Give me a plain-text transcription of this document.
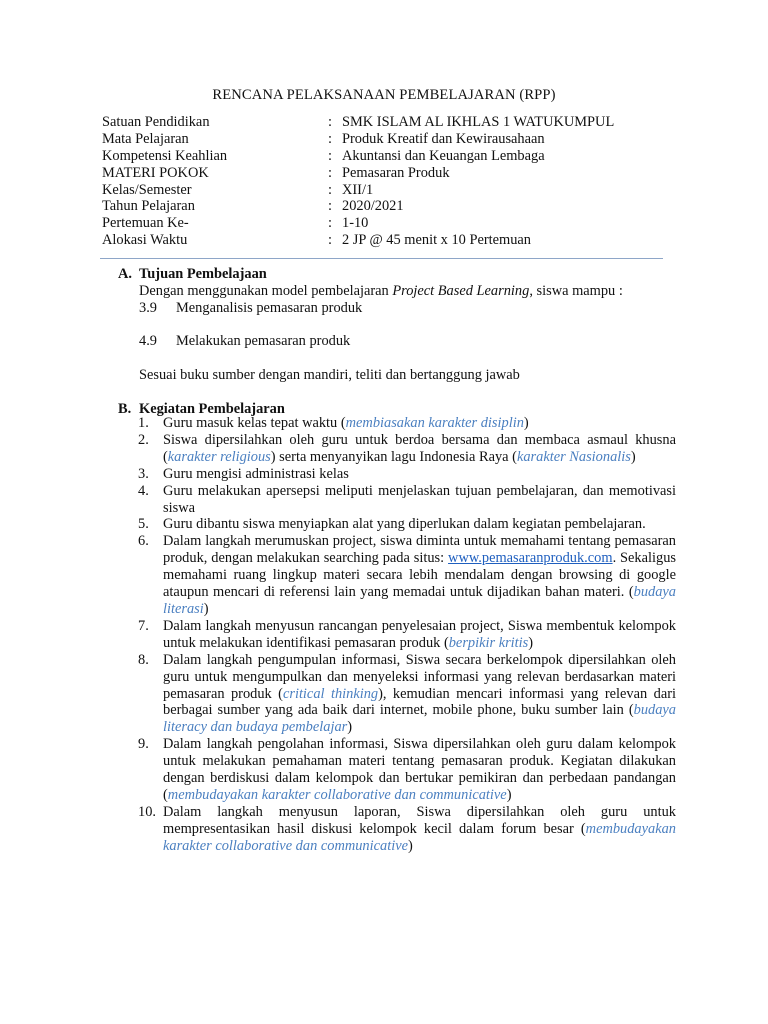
RENCANA PELAKSANAAN PEMBELAJARAN (RPP)
Satuan Pendidikan	: SMK ISLAM AL IKHLAS 1 WATUKUMPUL
Mata Pelajaran	: Produk Kreatif dan Kewirausahaan
Kompetensi Keahlian	: Akuntansi dan Keuangan Lembaga
MATERI POKOK	: Pemasaran Produk
Kelas/Semester	: XII/1
Tahun Pelajaran	: 2020/2021
Pertemuan Ke-	: 1-10
Alokasi Waktu	: 2 JP @ 45 menit x 10 Pertemuan
A. Tujuan Pembelajaan
Dengan menggunakan model pembelajaran Project Based Learning, siswa mampu :
3.9 Menganalisis pemasaran produk
4.9 Melakukan pemasaran produk
Sesuai buku sumber dengan mandiri, teliti dan bertanggung jawab
B. Kegiatan Pembelajaran
1. Guru masuk kelas tepat waktu (membiasakan karakter disiplin)
2. Siswa dipersilahkan oleh guru untuk berdoa bersama dan membaca asmaul khusna (karakter religious) serta menyanyikan lagu Indonesia Raya (karakter Nasionalis)
3. Guru mengisi administrasi kelas
4. Guru melakukan apersepsi meliputi menjelaskan tujuan pembelajaran, dan memotivasi siswa
5. Guru dibantu siswa menyiapkan alat yang diperlukan dalam kegiatan pembelajaran.
6. Dalam langkah merumuskan project, siswa diminta untuk memahami tentang pemasaran produk, dengan melakukan searching pada situs: www.pemasaranproduk.com. Sekaligus memahami ruang lingkup materi secara lebih mendalam dengan browsing di google ataupun mencari di referensi lain yang memadai untuk dijadikan bahan materi. (budaya literasi)
7. Dalam langkah menyusun rancangan penyelesaian project, Siswa membentuk kelompok untuk melakukan identifikasi pemasaran produk (berpikir kritis)
8. Dalam langkah pengumpulan informasi, Siswa secara berkelompok dipersilahkan oleh guru untuk mengumpulkan dan menyeleksi informasi yang relevan berdasarkan materi pemasaran produk (critical thinking), kemudian mencari informasi yang relevan dari berbagai sumber yang ada baik dari internet, mobile phone, buku sumber lain (budaya literacy dan budaya pembelajar)
9. Dalam langkah pengolahan informasi, Siswa dipersilahkan oleh guru dalam kelompok untuk melakukan pemahaman materi tentang pemasaran produk. Kegiatan dilakukan dengan berdiskusi dalam kelompok dan bertukar pemikiran dan perbedaan pandangan (membudayakan karakter collaborative dan communicative)
10. Dalam langkah menyusun laporan, Siswa dipersilahkan oleh guru untuk mempresentasikan hasil diskusi kelompok kecil dalam forum besar (membudayakan karakter collaborative dan communicative)
